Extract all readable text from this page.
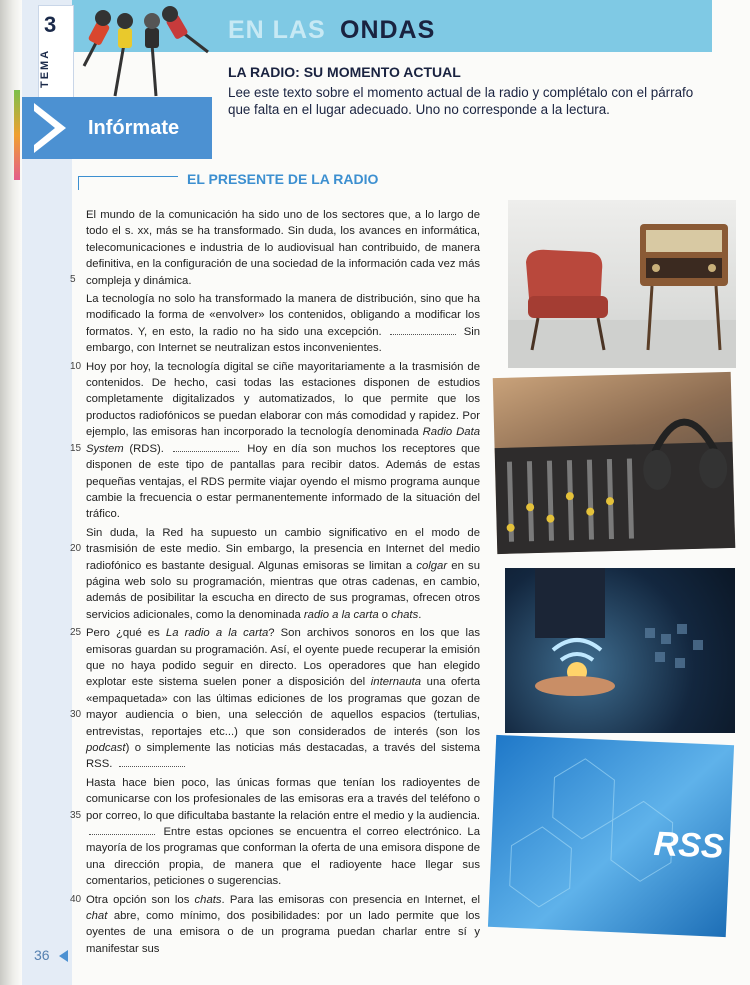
3
TEMA
EN LAS ONDAS
Infórmate
LA RADIO: SU MOMENTO ACTUAL
Lee este texto sobre el momento actual de la radio y complétalo con el párrafo que falta en el lugar adecuado. Uno no corresponde a la lectura.
EL PRESENTE DE LA RADIO

5
El mundo de la comunicación ha sido uno de los sectores que, a lo largo de todo el s. xx, más se ha transformado. Sin duda, los avances en informática, telecomunicaciones e industria de lo audiovisual han contribuido, de manera definitiva, en la configuración de una sociedad de la información cada vez más compleja y dinámica.

La tecnología no solo ha transformado la manera de distribución, sino que ha modificado la forma de «envolver» los contenidos, obligando a modificar los formatos. Y, en esto, la radio no ha sido una excepción.	Sin embargo, con Internet se neutralizan estos inconvenientes.

10
15
Hoy por hoy, la tecnología digital se ciñe mayoritariamente a la trasmisión de contenidos. De hecho, casi todas las estaciones disponen de estudios completamente digitalizados y automatizados, lo que permite que los productos radiofónicos se puedan elaborar con más comodidad y rapidez. Por ejemplo, las emisoras han incorporado la tecnología denominada Radio Data System (RDS).	Hoy en día son muchos los receptores que disponen de este tipo de pantallas para recibir datos. Además de estas pequeñas ventajas, el RDS permite viajar oyendo el mismo programa aunque cambie la frecuencia o estar permanentemente informado de la situación del tráfico.

20
Sin duda, la Red ha supuesto un cambio significativo en el modo de trasmisión de este medio. Sin embargo, la presencia en Internet del medio radiofónico es bastante desigual. Algunas emisoras se limitan a colgar en su página web solo su programación, mientras que otras cadenas, en cambio, además de posibilitar la escucha en directo de sus programas, ofrecen otros servicios adicionales, como la denominada radio a la carta o chats.

25
30
Pero ¿qué es La radio a la carta? Son archivos sonoros en los que las emisoras guardan su programación. Así, el oyente puede recuperar la emisión que no haya podido seguir en directo. Los operadores que han elegido explotar este sistema suelen poner a disposición del internauta una oferta «empaquetada» con las últimas ediciones de los programas que gozan de mayor audiencia o bien, una selección de aquellos espacios (tertulias, entrevistas, reportajes etc...) que son considerados de interés (son los podcast) o simplemente las noticias más destacadas, a través del sistema RSS.

35
Hasta hace bien poco, las únicas formas que tenían los radioyentes de comunicarse con los profesionales de las emisoras era a través del teléfono o por correo, lo que dificultaba bastante la relación entre el medio y la audiencia.  Entre estas opciones se encuentra el correo electrónico. La mayoría de los programas que conforman la oferta de una emisora dispone de una dirección propia, de manera que el radioyente hace llegar sus comentarios, peticiones o sugerencias.

40 Otra opción son los chats. Para las emisoras con presencia en Internet, el chat abre, como mínimo, dos posibilidades: por un lado permite que los oyentes de una emisora o de un programa puedan charlar entre sí y manifestar sus

RSS
36
